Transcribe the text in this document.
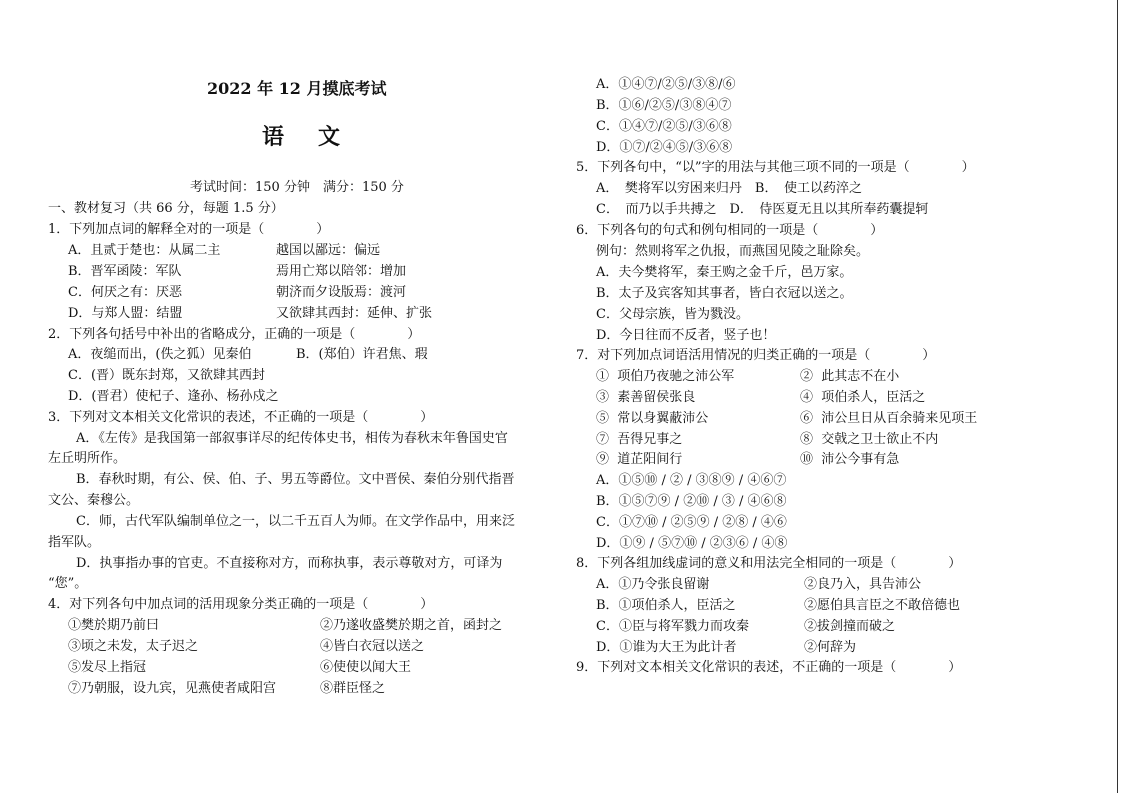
2022 年 12 月摸底考试
语　文
考试时间：150 分钟　满分：150 分
一、教材复习（共 66 分，每题 1.5 分）
1．下列加点词的解释全对的一项是（　　　　）
A．且贰于楚也：从属二主	越国以鄙远：偏远
B．晋军函陵：军队	焉用亡郑以陪邻：增加
C．何厌之有：厌恶	朝济而夕设版焉：渡河
D．与郑人盟：结盟	又欲肆其西封：延伸、扩张
2．下列各句括号中补出的省略成分，正确的一项是（　　　　）
A．夜缒而出，(佚之狐）见秦伯	B．(郑伯）许君焦、瑕
C．(晋）既东封郑，又欲肆其西封
D．(晋君）使杞子、逢孙、杨孙戍之
3．下列对文本相关文化常识的表述，不正确的一项是（　　　　）
A．《左传》是我国第一部叙事详尽的纪传体史书，相传为春秋末年鲁国史官
左丘明所作。
B．春秋时期，有公、侯、伯、子、男五等爵位。文中晋侯、秦伯分别代指晋
文公、秦穆公。
C．师，古代军队编制单位之一，以二千五百人为师。在文学作品中，用来泛
指军队。
D．执事指办事的官吏。不直接称对方，而称执事，表示尊敬对方，可译为
“您”。
4．对下列各句中加点词的活用现象分类正确的一项是（　　　　）
①樊於期乃前曰	②乃遂收盛樊於期之首，函封之
③顷之未发，太子迟之	④皆白衣冠以送之
⑤发尽上指冠	⑥使使以闻大王
⑦乃朝服，设九宾，见燕使者咸阳宫	⑧群臣怪之
A．①④⑦/②⑤/③⑧/⑥
B．①⑥/②⑤/③⑧④⑦
C．①④⑦/②⑤/③⑥⑧
D．①⑦/②④⑤/③⑥⑧
5．下列各句中，“以”字的用法与其他三项不同的一项是（　　　　）
A．　樊将军以穷困来归丹　B．　使工以药淬之
C．　而乃以手共搏之　D．　侍医夏无且以其所奉药囊提轲
6．下列各句的句式和例句相同的一项是（　　　　）
例句：然则将军之仇报，而燕国见陵之耻除矣。
A．夫今樊将军，秦王购之金千斤，邑万家。
B．太子及宾客知其事者，皆白衣冠以送之。
C．父母宗族，皆为戮没。
D．今日往而不反者，竖子也！
7．对下列加点词语活用情况的归类正确的一项是（　　　　）
①  项伯乃夜驰之沛公军	②  此其志不在小
③  素善留侯张良	④  项伯杀人，臣活之
⑤  常以身翼蔽沛公	⑥  沛公旦日从百余骑来见项王
⑦  吾得兄事之	⑧  交戟之卫士欲止不内
⑨  道芷阳间行	⑩  沛公今事有急
A．①⑤⑩ / ② / ③⑧⑨ / ④⑥⑦
B．①⑤⑦⑨ / ②⑩ / ③ / ④⑥⑧
C．①⑦⑩ / ②⑤⑨ / ②⑧ / ④⑥
D．①⑨ / ⑤⑦⑩ / ②③⑥ / ④⑧
8．下列各组加线虚词的意义和用法完全相同的一项是（　　　　）
A．①乃令张良留谢	②良乃入，具告沛公
B．①项伯杀人，臣活之	②愿伯具言臣之不敢倍德也
C．①臣与将军戮力而攻秦	②拔剑撞而破之
D．①谁为大王为此计者	②何辞为
9．下列对文本相关文化常识的表述，不正确的一项是（　　　　）
